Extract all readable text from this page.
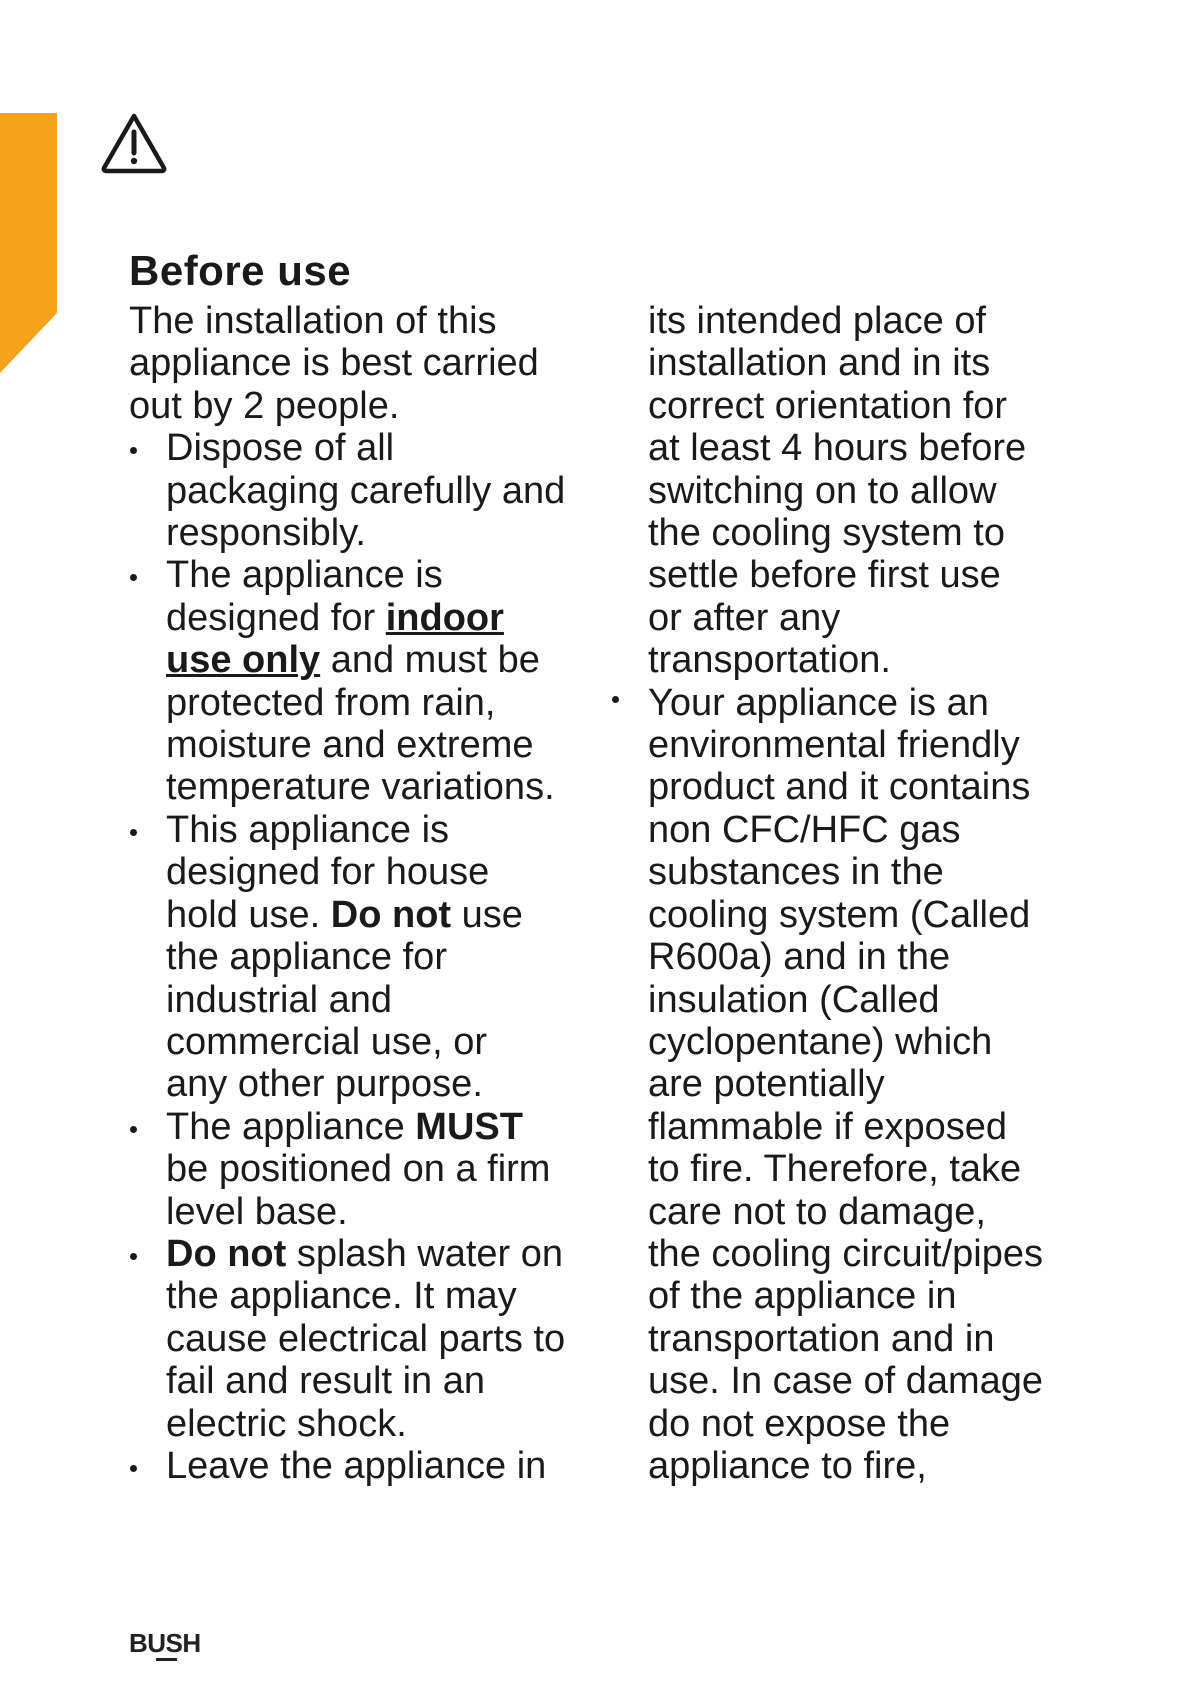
Before use

The installation of this
appliance is best carried
out by 2 people.

Dispose of all
packaging carefully and
responsibly.
The appliance is
designed for indoor
use only and must be
protected from rain,
moisture and extreme
temperature variations.
This appliance is
designed for house
hold use. Do not use
the appliance for
industrial and
commercial use, or
any other purpose.
The appliance MUST
be positioned on a firm
level base.
Do not splash water on
the appliance. It may
cause electrical parts to
fail and result in an
electric shock.
Leave the appliance in

its intended place of
installation and in its
correct orientation for
at least 4 hours before
switching on to allow
the cooling system to
settle before first use
or after any
transportation.

Your appliance is an
environmental friendly
product and it contains
non CFC/HFC gas
substances in the
cooling system (Called
R600a) and in the
insulation (Called
cyclopentane) which
are potentially
flammable if exposed
to fire. Therefore, take
care not to damage,
the cooling circuit/pipes
of the appliance in
transportation and in
use. In case of damage
do not expose the
appliance to fire,
BUSH
